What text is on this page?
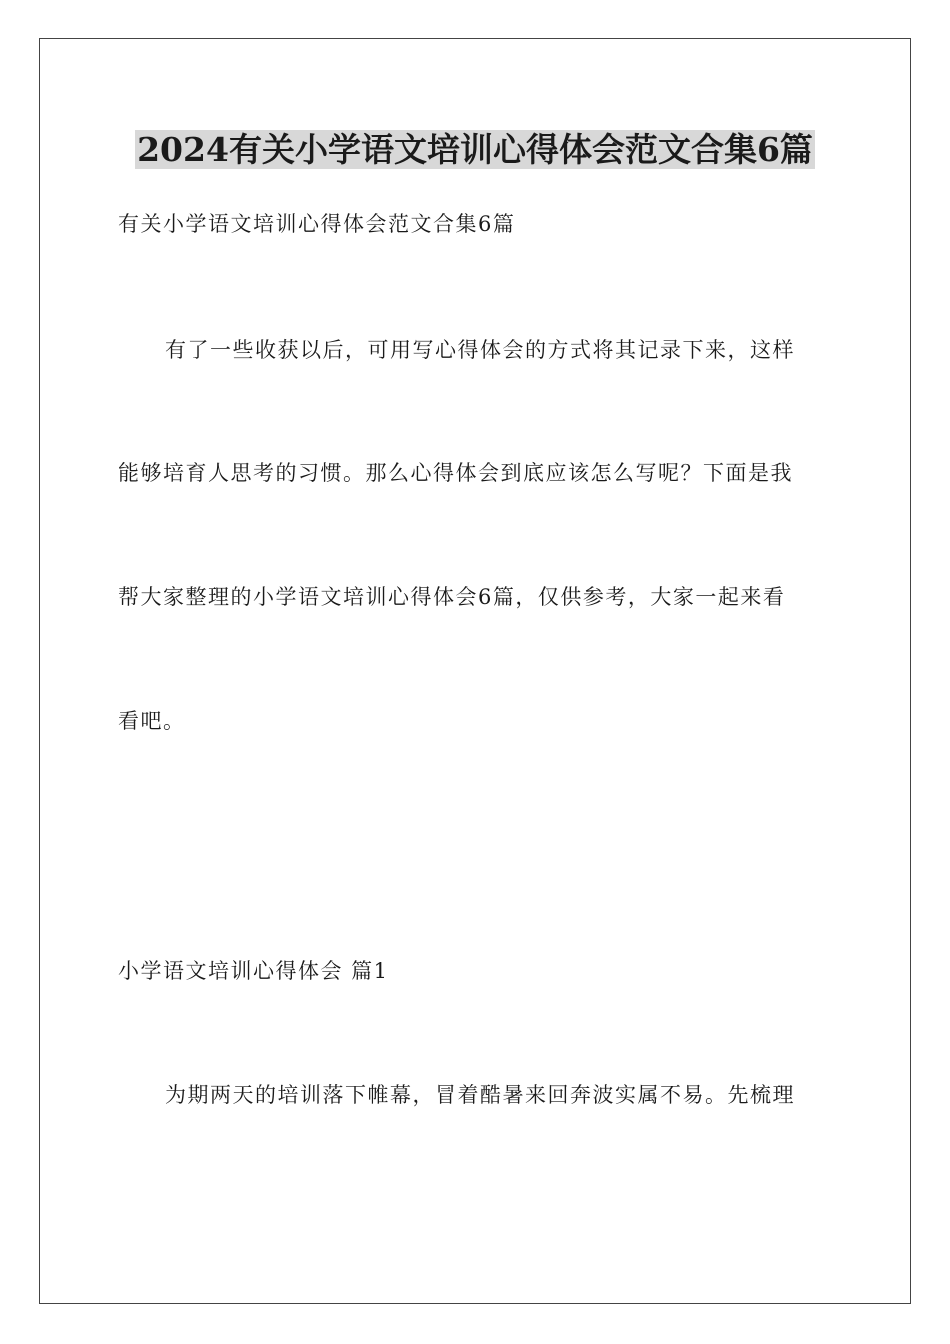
2024有关小学语文培训心得体会范文合集6篇
有关小学语文培训心得体会范文合集6篇
有了一些收获以后，可用写心得体会的方式将其记录下来，这样
能够培育人思考的习惯。那么心得体会到底应该怎么写呢？下面是我
帮大家整理的小学语文培训心得体会6篇，仅供参考，大家一起来看
看吧。
小学语文培训心得体会 篇1
为期两天的培训落下帷幕，冒着酷暑来回奔波实属不易。先梳理
